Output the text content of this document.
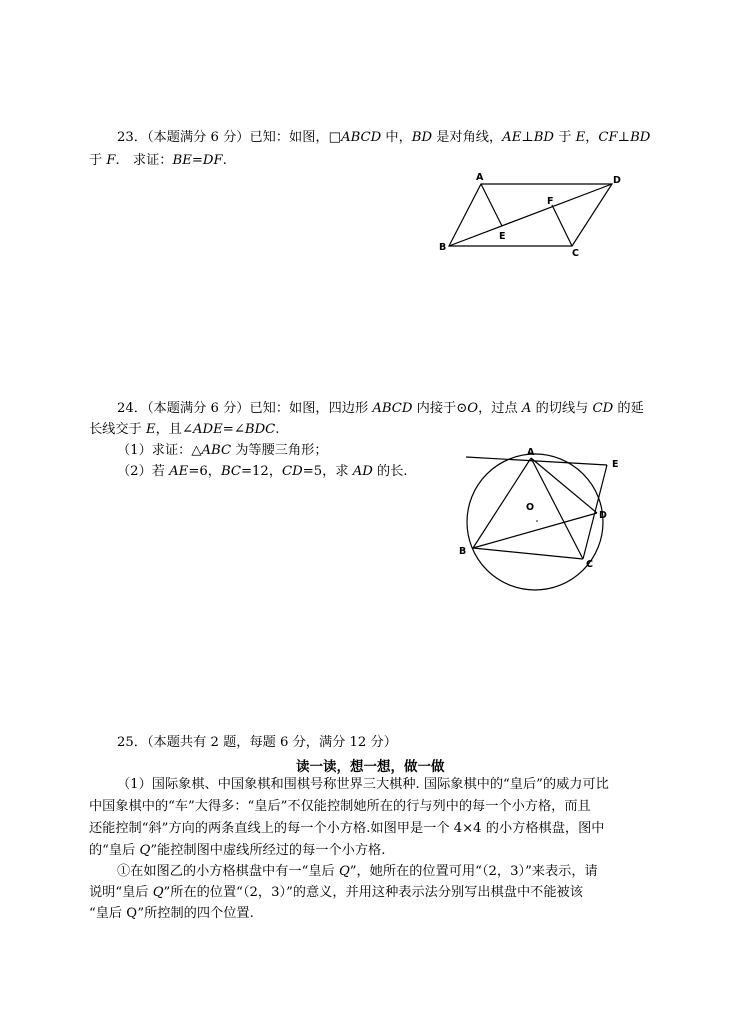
23．（本题满分 6 分）已知：如图，□ABCD 中，BD 是对角线，AE⊥BD 于 E，CF⊥BD
于 F.　求证：BE=DF.
A	D
B
C
E
F
24．（本题满分 6 分）已知：如图，四边形 ABCD 内接于⊙O，过点 A 的切线与 CD 的延
长线交于 E，且∠ADE=∠BDC.
（1）求证：△ABC 为等腰三角形；
（2）若 AE=6，BC=12，CD=5，求 AD 的长.
A
E
O
D
B
C
25．（本题共有 2 题，每题 6 分，满分 12 分）
读一读，想一想，做一做
（1）国际象棋、中国象棋和围棋号称世界三大棋种. 国际象棋中的“皇后”的威力可比
中国象棋中的“车”大得多：“皇后”不仅能控制她所在的行与列中的每一个小方格，而且
还能控制“斜”方向的两条直线上的每一个小方格.如图甲是一个 4×4 的小方格棋盘，图中
的“皇后 Q”能控制图中虚线所经过的每一个小方格.
①在如图乙的小方格棋盘中有一“皇后 Q”，她所在的位置可用“（2，3）”来表示，请
说明“皇后 Q”所在的位置“（2，3）”的意义，并用这种表示法分别写出棋盘中不能被该
“皇后 Q”所控制的四个位置.
